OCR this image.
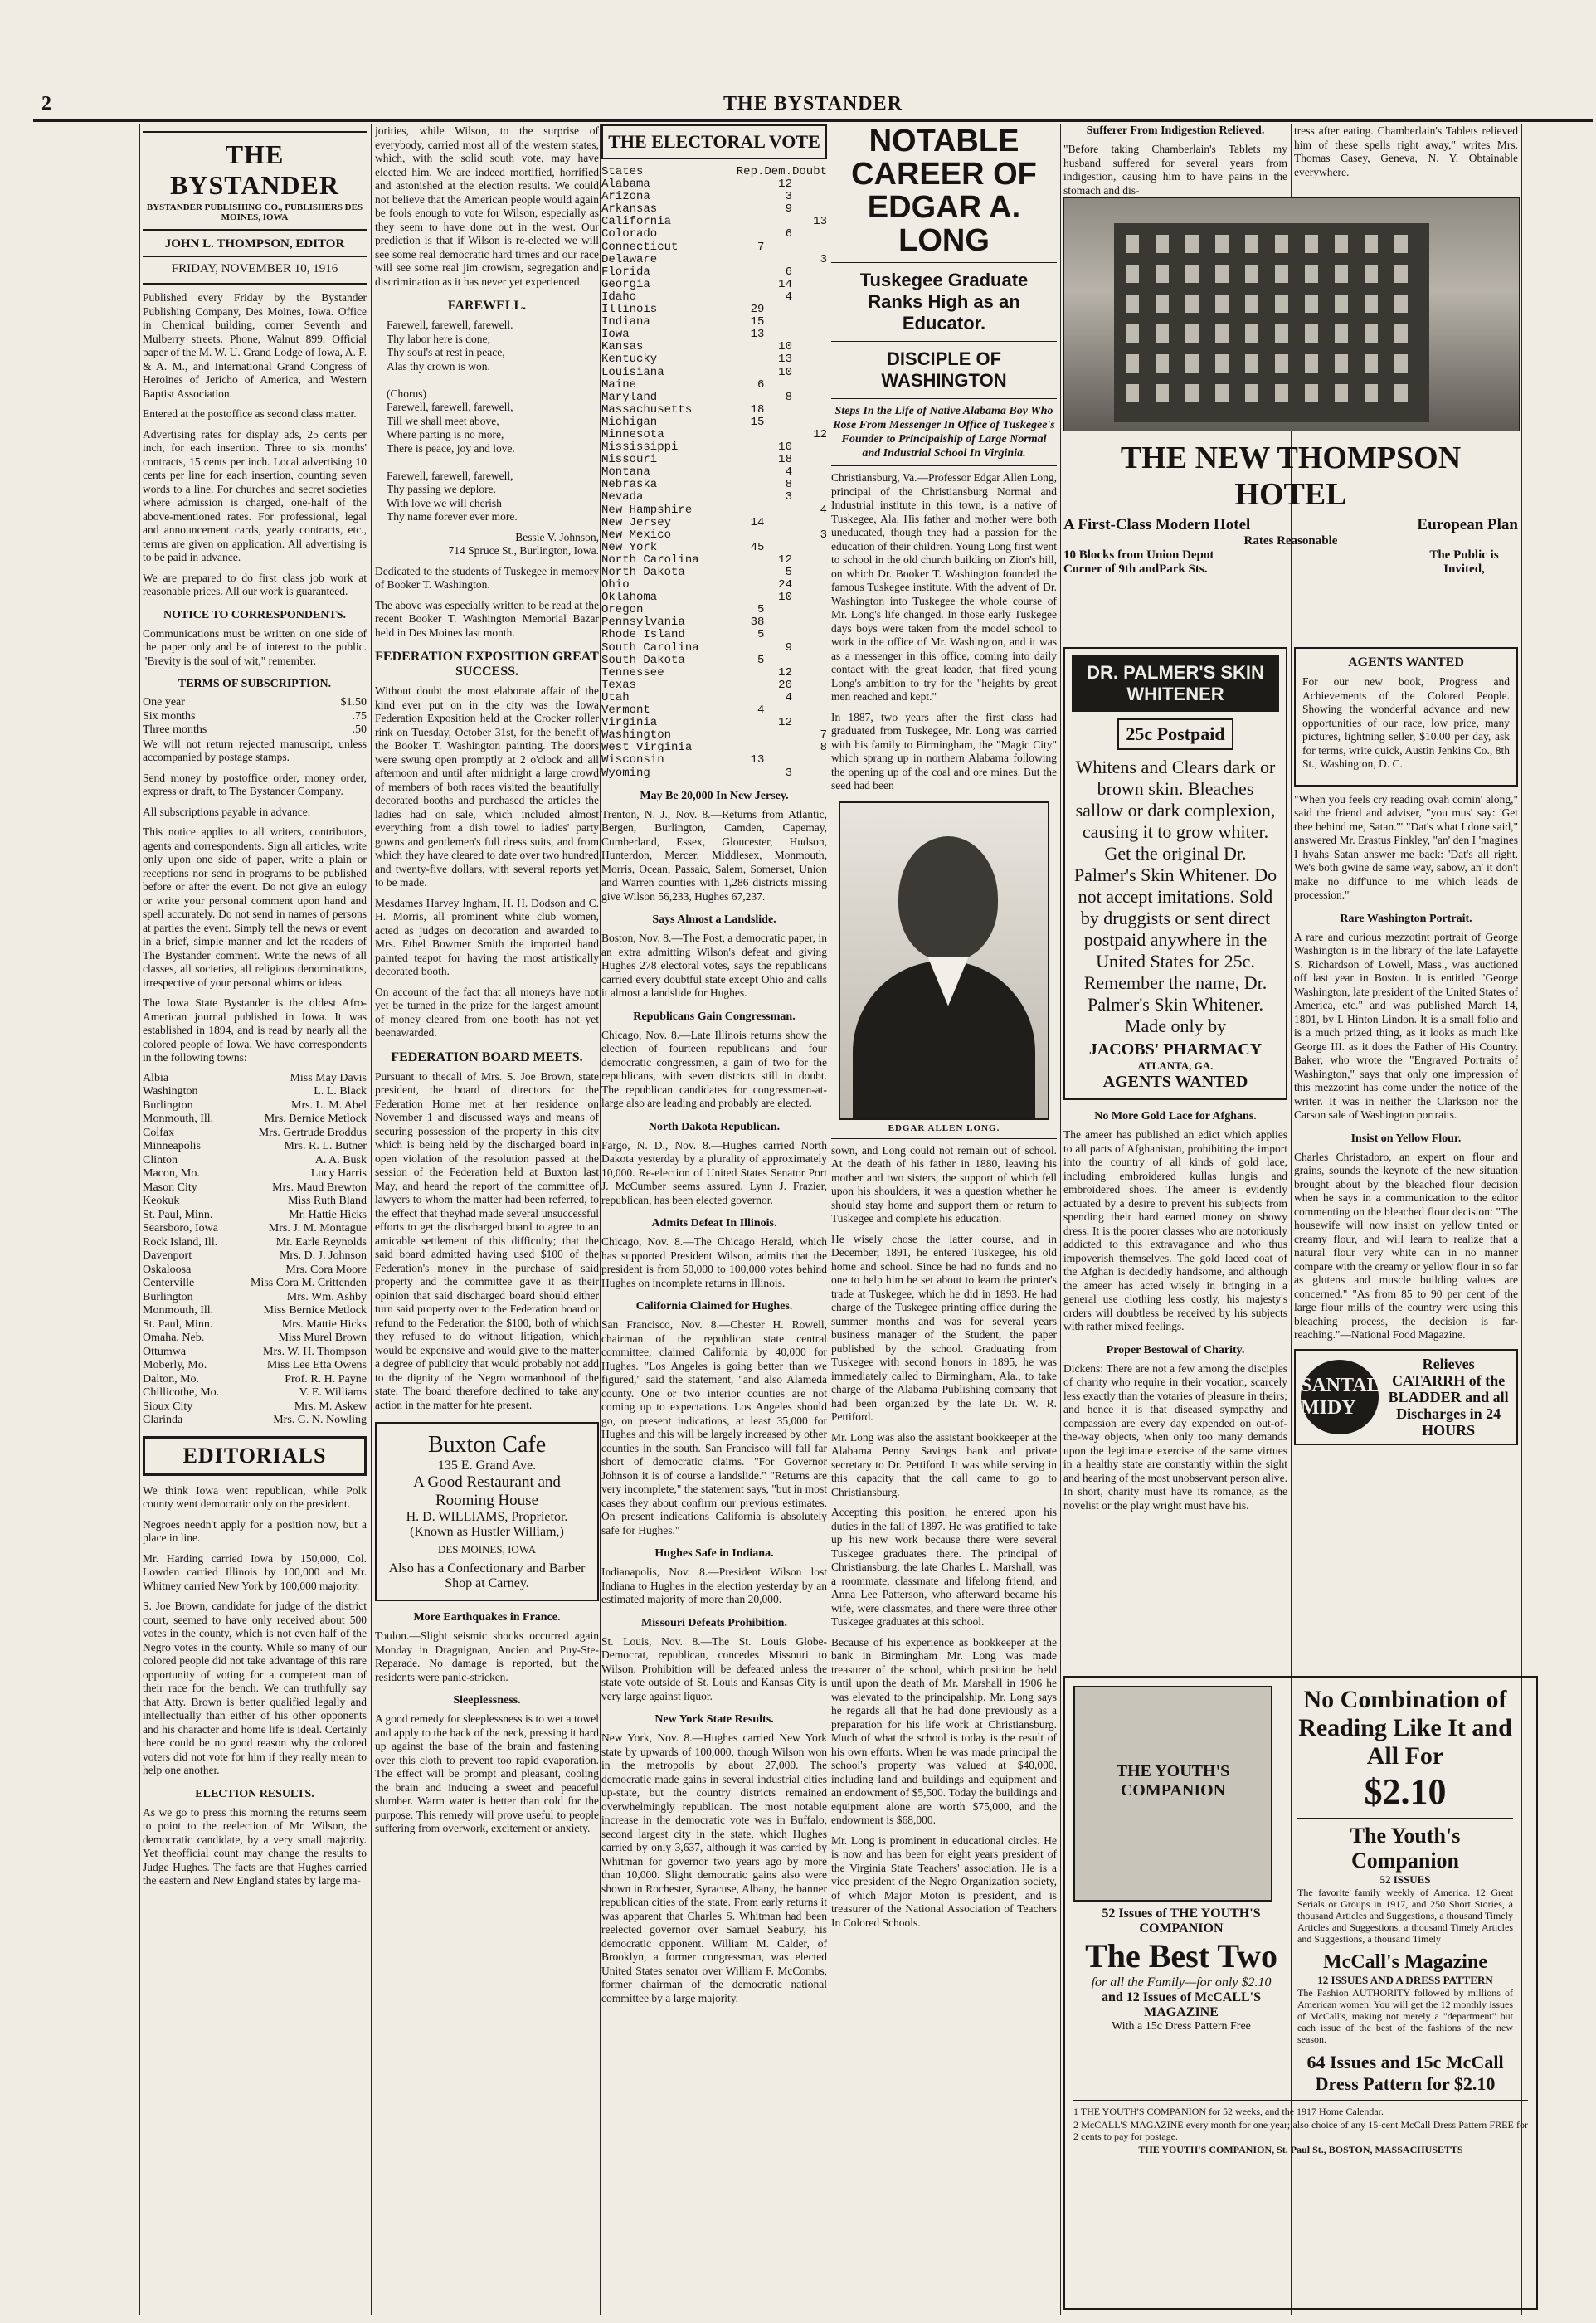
2	THE BYSTANDER
THE BYSTANDER
BYSTANDER PUBLISHING CO., PUBLISHERS DES MOINES, IOWA
JOHN L. THOMPSON, EDITOR
FRIDAY, NOVEMBER 10, 1916

Published every Friday by the Bystander Publishing Company, Des Moines, Iowa. Office in Chemical building, corner Seventh and Mulberry streets. Phone, Walnut 899. Official paper of the M. W. U. Grand Lodge of Iowa, A. F. & A. M., and International Grand Congress of Heroines of Jericho of America, and Western Baptist Association.

Entered at the postoffice as second class matter.

Advertising rates for display ads, 25 cents per inch, for each insertion. Three to six months' contracts, 15 cents per inch. Local advertising 10 cents per line for each insertion, counting seven words to a line. For churches and secret societies where admission is charged, one-half of the above-mentioned rates. For professional, legal and announcement cards, yearly contracts, etc., terms are given on application. All advertising is to be paid in advance.

We are prepared to do first class job work at reasonable prices. All our work is guaranteed.

NOTICE TO CORRESPONDENTS.

Communications must be written on one side of the paper only and be of interest to the public. "Brevity is the soul of wit," remember.

TERMS OF SUBSCRIPTION.
One year	$1.50
Six months	.75
Three months	.50

We will not return rejected manuscript, unless accompanied by postage stamps.

Send money by postoffice order, money order, express or draft, to The Bystander Company.

All subscriptions payable in advance.

This notice applies to all writers, contributors, agents and correspondents. Sign all articles, write only upon one side of paper, write a plain or receptions nor send in programs to be published before or after the event. Do not give an eulogy or write your personal comment upon hand and spell accurately. Do not send in names of persons at parties the event. Simply tell the news or event in a brief, simple manner and let the readers of The Bystander comment. Write the news of all classes, all societies, all religious denominations, irrespective of your personal whims or ideas.

The Iowa State Bystander is the oldest Afro-American journal published in Iowa. It was established in 1894, and is read by nearly all the colored people of Iowa. We have correspondents in the following towns:

Albia	Miss May Davis
Washington	L. L. Black
Burlington	Mrs. L. M. Abel
Monmouth, Ill.	Mrs. Bernice Metlock
Colfax	Mrs. Gertrude Broddus
Minneapolis	Mrs. R. L. Butner
Clinton	A. A. Busk
Macon, Mo.	Lucy Harris
Mason City	Mrs. Maud Brewton
Keokuk	Miss Ruth Bland
St. Paul, Minn.	Mr. Hattie Hicks
Searsboro, Iowa	Mrs. J. M. Montague
Rock Island, Ill.	Mr. Earle Reynolds
Davenport	Mrs. D. J. Johnson
Oskaloosa	Mrs. Cora Moore
Centerville	Miss Cora M. Crittenden
Burlington	Mrs. Wm. Ashby
Monmouth, Ill.	Miss Bernice Metlock
St. Paul, Minn.	Mrs. Mattie Hicks
Omaha, Neb.	Miss Murel Brown
Ottumwa	Mrs. W. H. Thompson
Moberly, Mo.	Miss Lee Etta Owens
Dalton, Mo.	Prof. R. H. Payne
Chillicothe, Mo.	V. E. Williams
Sioux City	Mrs. M. Askew
Clarinda	Mrs. G. N. Nowling
EDITORIALS

We think Iowa went republican, while Polk county went democratic only on the president.

Negroes needn't apply for a position now, but a place in line.

Mr. Harding carried Iowa by 150,000, Col. Lowden carried Illinois by 100,000 and Mr. Whitney carried New York by 100,000 majority.

S. Joe Brown, candidate for judge of the district court, seemed to have only received about 500 votes in the county, which is not even half of the Negro votes in the county. While so many of our colored people did not take advantage of this rare opportunity of voting for a competent man of their race for the bench. We can truthfully say that Atty. Brown is better qualified legally and intellectually than either of his other opponents and his character and home life is ideal. Certainly there could be no good reason why the colored voters did not vote for him if they really mean to help one another.

ELECTION RESULTS.

As we go to press this morning the returns seem to point to the reelection of Mr. Wilson, the democratic candidate, by a very small majority. Yet theofficial count may change the results to Judge Hughes. The facts are that Hughes carried the eastern and New England states by large ma-

jorities, while Wilson, to the surprise of everybody, carried most all of the western states, which, with the solid south vote, may have elected him. We are indeed mortified, horrified and astonished at the election results. We could not believe that the American people would again be fools enough to vote for Wilson, especially as they seem to have done out in the west. Our prediction is that if Wilson is re-elected we will see some real democratic hard times and our race will see some real jim crowism, segregation and discrimination as it has never yet experienced.

FAREWELL.

Farewell, farewell, farewell.
Thy labor here is done;
Thy soul's at rest in peace,
Alas thy crown is won.

(Chorus)
Farewell, farewell, farewell,
Till we shall meet above,
Where parting is no more,
There is peace, joy and love.

Farewell, farewell, farewell,
Thy passing we deplore.
With love we will cherish
Thy name forever ever more.

Bessie V. Johnson,
714 Spruce St., Burlington, Iowa.

Dedicated to the students of Tuskegee in memory of Booker T. Washington.

The above was especially written to be read at the recent Booker T. Washington Memorial Bazar held in Des Moines last month.

FEDERATION EXPOSITION GREAT SUCCESS.

Without doubt the most elaborate affair of the kind ever put on in the city was the Iowa Federation Exposition held at the Crocker roller rink on Tuesday, October 31st, for the benefit of the Booker T. Washington painting. The doors were swung open promptly at 2 o'clock and all afternoon and until after midnight a large crowd of members of both races visited the beautifully decorated booths and purchased the articles the ladies had on sale, which included almost everything from a dish towel to ladies' party gowns and gentlemen's full dress suits, and from which they have cleared to date over two hundred and twenty-five dollars, with several reports yet to be made.

Mesdames Harvey Ingham, H. H. Dodson and C. H. Morris, all prominent white club women, acted as judges on decoration and awarded to Mrs. Ethel Bowmer Smith the imported hand painted teapot for having the most artistically decorated booth.

On account of the fact that all moneys have not yet be turned in the prize for the largest amount of money cleared from one booth has not yet beenawarded.

FEDERATION BOARD MEETS.

Pursuant to thecall of Mrs. S. Joe Brown, state president, the board of directors for the Federation Home met at her residence on November 1 and discussed ways and means of securing possession of the property in this city which is being held by the discharged board in open violation of the resolution passed at the session of the Federation held at Buxton last May, and heard the report of the committee of lawyers to whom the matter had been referred, to the effect that theyhad made several unsuccessful efforts to get the discharged board to agree to an amicable settlement of this difficulty; that the said board admitted having used $100 of the Federation's money in the purchase of said property and the committee gave it as their opinion that said discharged board should either turn said property over to the Federation board or refund to the Federation the $100, both of which they refused to do without litigation, which would be expensive and would give to the matter a degree of publicity that would probably not add to the dignity of the Negro womanhood of the state. The board therefore declined to take any action in the matter for hte present.

Buxton Cafe
135 E. Grand Ave.
A Good Restaurant and Rooming House
H. D. WILLIAMS, Proprietor.
(Known as Hustler William,)
DES MOINES, IOWA
Also has a Confectionary and Barber Shop at Carney.
More Earthquakes in France.

Toulon.—Slight seismic shocks occurred again Monday in Draguignan, Ancien and Puy-Ste-Reparade. No damage is reported, but the residents were panic-stricken.

Sleeplessness.

A good remedy for sleeplessness is to wet a towel and apply to the back of the neck, pressing it hard up against the base of the brain and fastening over this cloth to prevent too rapid evaporation. The effect will be prompt and pleasant, cooling the brain and inducing a sweet and peaceful slumber. Warm water is better than cold for the purpose. This remedy will prove useful to people suffering from overwork, excitement or anxiety.

THE ELECTORAL VOTE
States	Rep.	Dem.	Doubt
Alabama		12	
Arizona		3	
Arkansas		9	
California			13
Colorado		6	
Connecticut	7		
Delaware			3
Florida		6	
Georgia		14	
Idaho		4	
Illinois	29		
Indiana	15		
Iowa	13		
Kansas		10	
Kentucky		13	
Louisiana		10	
Maine	6		
Maryland		8	
Massachusetts	18		
Michigan	15		
Minnesota			12
Mississippi		10	
Missouri		18	
Montana		4	
Nebraska		8	
Nevada		3	
New Hampshire			4
New Jersey	14		
New Mexico			3
New York	45		
North Carolina		12	
North Dakota		5	
Ohio		24	
Oklahoma		10	
Oregon	5		
Pennsylvania	38		
Rhode Island	5		
South Carolina		9	
South Dakota	5		
Tennessee		12	
Texas		20	
Utah		4	
Vermont	4		
Virginia		12	
Washington			7
West Virginia			8
Wisconsin	13		
Wyoming		3	
May Be 20,000 In New Jersey.

Trenton, N. J., Nov. 8.—Returns from Atlantic, Bergen, Burlington, Camden, Capemay, Cumberland, Essex, Gloucester, Hudson, Hunterdon, Mercer, Middlesex, Monmouth, Morris, Ocean, Passaic, Salem, Somerset, Union and Warren counties with 1,286 districts missing give Wilson 56,233, Hughes 67,237.

Says Almost a Landslide.

Boston, Nov. 8.—The Post, a democratic paper, in an extra admitting Wilson's defeat and giving Hughes 278 electoral votes, says the republicans carried every doubtful state except Ohio and calls it almost a landslide for Hughes.

Republicans Gain Congressman.

Chicago, Nov. 8.—Late Illinois returns show the election of fourteen republicans and four democratic congressmen, a gain of two for the republicans, with seven districts still in doubt. The republican candidates for congressmen-at-large also are leading and probably are elected.

North Dakota Republican.

Fargo, N. D., Nov. 8.—Hughes carried North Dakota yesterday by a plurality of approximately 10,000. Re-election of United States Senator Port J. McCumber seems assured. Lynn J. Frazier, republican, has been elected governor.

Admits Defeat In Illinois.

Chicago, Nov. 8.—The Chicago Herald, which has supported President Wilson, admits that the president is from 50,000 to 100,000 votes behind Hughes on incomplete returns in Illinois.

California Claimed for Hughes.

San Francisco, Nov. 8.—Chester H. Rowell, chairman of the republican state central committee, claimed California by 40,000 for Hughes. "Los Angeles is going better than we figured," said the statement, "and also Alameda county. One or two interior counties are not coming up to expectations. Los Angeles should go, on present indications, at least 35,000 for Hughes and this will be largely increased by other counties in the south. San Francisco will fall far short of democratic claims. "For Governor Johnson it is of course a landslide." "Returns are very incomplete," the statement says, "but in most cases they about confirm our previous estimates. On present indications California is absolutely safe for Hughes."

Hughes Safe in Indiana.

Indianapolis, Nov. 8.—President Wilson lost Indiana to Hughes in the election yesterday by an estimated majority of more than 20,000.

Missouri Defeats Prohibition.

St. Louis, Nov. 8.—The St. Louis Globe-Democrat, republican, concedes Missouri to Wilson. Prohibition will be defeated unless the state vote outside of St. Louis and Kansas City is very large against liquor.

New York State Results.

New York, Nov. 8.—Hughes carried New York state by upwards of 100,000, though Wilson won in the metropolis by about 27,000. The democratic made gains in several industrial cities up-state, but the country districts remained overwhelmingly republican. The most notable increase in the democratic vote was in Buffalo, second largest city in the state, which Hughes carried by only 3,637, although it was carried by Whitman for governor two years ago by more than 10,000. Slight democratic gains also were shown in Rochester, Syracuse, Albany, the banner republican cities of the state. From early returns it was apparent that Charles S. Whitman had been reelected governor over Samuel Seabury, his democratic opponent. William M. Calder, of Brooklyn, a former congressman, was elected United States senator over William F. McCombs, former chairman of the democratic national committee by a large majority.

NOTABLE CAREER OF EDGAR A. LONG
Tuskegee Graduate Ranks High as an Educator.
DISCIPLE OF WASHINGTON
Steps In the Life of Native Alabama Boy Who Rose From Messenger In Office of Tuskegee's Founder to Principalship of Large Normal and Industrial School In Virginia.

Christiansburg, Va.—Professor Edgar Allen Long, principal of the Christiansburg Normal and Industrial institute in this town, is a native of Tuskegee, Ala. His father and mother were both uneducated, though they had a passion for the education of their children. Young Long first went to school in the old church building on Zion's hill, on which Dr. Booker T. Washington founded the famous Tuskegee institute. With the advent of Dr. Washington into Tuskegee the whole course of Mr. Long's life changed. In those early Tuskegee days boys were taken from the model school to work in the office of Mr. Washington, and it was as a messenger in this office, coming into daily contact with the great leader, that fired young Long's ambition to try for the "heights by great men reached and kept."

In 1887, two years after the first class had graduated from Tuskegee, Mr. Long was carried with his family to Birmingham, the "Magic City" which sprang up in northern Alabama following the opening up of the coal and ore mines. But the seed had been

EDGAR ALLEN LONG.

sown, and Long could not remain out of school. At the death of his father in 1880, leaving his mother and two sisters, the support of which fell upon his shoulders, it was a question whether he should stay home and support them or return to Tuskegee and complete his education.

He wisely chose the latter course, and in December, 1891, he entered Tuskegee, his old home and school. Since he had no funds and no one to help him he set about to learn the printer's trade at Tuskegee, which he did in 1893. He had charge of the Tuskegee printing office during the summer months and was for several years business manager of the Student, the paper published by the school. Graduating from Tuskegee with second honors in 1895, he was immediately called to Birmingham, Ala., to take charge of the Alabama Publishing company that had been organized by the late Dr. W. R. Pettiford.

Mr. Long was also the assistant bookkeeper at the Alabama Penny Savings bank and private secretary to Dr. Pettiford. It was while serving in this capacity that the call came to go to Christiansburg.

Accepting this position, he entered upon his duties in the fall of 1897. He was gratified to take up his new work because there were several Tuskegee graduates there. The principal of Christiansburg, the late Charles L. Marshall, was a roommate, classmate and lifelong friend, and Anna Lee Patterson, who afterward became his wife, were classmates, and there were three other Tuskegee graduates at this school.

Because of his experience as bookkeeper at the bank in Birmingham Mr. Long was made treasurer of the school, which position he held until upon the death of Mr. Marshall in 1906 he was elevated to the principalship. Mr. Long says he regards all that he had done previously as a preparation for his life work at Christiansburg. Much of what the school is today is the result of his own efforts. When he was made principal the school's property was valued at $40,000, including land and buildings and equipment and an endowment of $5,500. Today the buildings and equipment alone are worth $75,000, and the endowment is $68,000.

Mr. Long is prominent in educational circles. He is now and has been for eight years president of the Virginia State Teachers' association. He is a vice president of the Negro Organization society, of which Major Moton is president, and is treasurer of the National Association of Teachers In Colored Schools.

Sufferer From Indigestion Relieved.

"Before taking Chamberlain's Tablets my husband suffered for several years from indigestion, causing him to have pains in the stomach and dis-

tress after eating. Chamberlain's Tablets relieved him of these spells right away," writes Mrs. Thomas Casey, Geneva, N. Y. Obtainable everywhere.

THE NEW THOMPSON HOTEL
A First-Class Modern Hotel	European Plan
Rates Reasonable
10 Blocks from Union Depot
Corner of 9th andPark Sts.
The Public is Invited,
DR. PALMER'S SKIN WHITENER
25c Postpaid
Whitens and Clears dark or brown skin. Bleaches sallow or dark complexion, causing it to grow whiter. Get the original Dr. Palmer's Skin Whitener. Do not accept imitations. Sold by druggists or sent direct postpaid anywhere in the United States for 25c. Remember the name, Dr. Palmer's Skin Whitener. Made only by
JACOBS' PHARMACY
ATLANTA, GA.
AGENTS WANTED
No More Gold Lace for Afghans.

The ameer has published an edict which applies to all parts of Afghanistan, prohibiting the import into the country of all kinds of gold lace, including embroidered kullas lungis and embroidered shoes. The ameer is evidently actuated by a desire to prevent his subjects from spending their hard earned money on showy dress. It is the poorer classes who are notoriously addicted to this extravagance and who thus impoverish themselves. The gold laced coat of the Afghan is decidedly handsome, and although the ameer has acted wisely in bringing in a general use clothing less costly, his majesty's orders will doubtless be received by his subjects with rather mixed feelings.

Proper Bestowal of Charity.

Dickens: There are not a few among the disciples of charity who require in their vocation, scarcely less exactly than the votaries of pleasure in theirs; and hence it is that diseased sympathy and compassion are every day expended on out-of-the-way objects, when only too many demands upon the legitimate exercise of the same virtues in a healthy state are constantly within the sight and hearing of the most unobservant person alive. In short, charity must have its romance, as the novelist or the play wright must have his.

AGENTS WANTED

For our new book, Progress and Achievements of the Colored People. Showing the wonderful advance and new opportunities of our race, low price, many pictures, lightning seller, $10.00 per day, ask for terms, write quick, Austin Jenkins Co., 8th St., Washington, D. C.

"When you feels cry reading ovah comin' along," said the friend and adviser, "you mus' say: 'Get thee behind me, Satan.'" "Dat's what I done said," answered Mr. Erastus Pinkley, "an' den I 'magines I hyahs Satan answer me back: 'Dat's all right. We's both gwine de same way, sabow, an' it don't make no diff'unce to me which leads de procession.'"

Rare Washington Portrait.

A rare and curious mezzotint portrait of George Washington is in the library of the late Lafayette S. Richardson of Lowell, Mass., was auctioned off last year in Boston. It is entitled "George Washington, late president of the United States of America, etc." and was published March 14, 1801, by I. Hinton Lindon. It is a small folio and is a much prized thing, as it looks as much like George III. as it does the Father of His Country. Baker, who wrote the "Engraved Portraits of Washington," says that only one impression of this mezzotint has come under the notice of the writer. It was in neither the Clarkson nor the Carson sale of Washington portraits.

Insist on Yellow Flour.

Charles Christadoro, an expert on flour and grains, sounds the keynote of the new situation brought about by the bleached flour decision when he says in a communication to the editor commenting on the bleached flour decision: "The housewife will now insist on yellow tinted or creamy flour, and will learn to realize that a natural flour very white can in no manner compare with the creamy or yellow flour in so far as glutens and muscle building values are concerned." "As from 85 to 90 per cent of the large flour mills of the country were using this bleaching process, the decision is far-reaching."—National Food Magazine.

SANTAL MIDY
Relieves CATARRH of the BLADDER and all Discharges in 24 HOURS
THE YOUTH'S COMPANION
52 Issues of THE YOUTH'S COMPANION
The Best Two
for all the Family—for only $2.10
and 12 Issues of McCALL'S MAGAZINE
With a 15c Dress Pattern Free
No Combination of Reading Like It and All For
$2.10
The Youth's Companion
52 ISSUES

The favorite family weekly of America. 12 Great Serials or Groups in 1917, and 250 Short Stories, a thousand Articles and Suggestions, a thousand Timely Articles and Suggestions, a thousand Timely Articles and Suggestions, a thousand Timely

McCall's Magazine
12 ISSUES AND A DRESS PATTERN

The Fashion AUTHORITY followed by millions of American women. You will get the 12 monthly issues of McCall's, making not merely a "department" but each issue of the best of the fashions of the new season.

64 Issues and 15c McCall Dress Pattern for $2.10

1 THE YOUTH'S COMPANION for 52 weeks, and the 1917 Home Calendar.

2 McCALL'S MAGAZINE every month for one year; also choice of any 15-cent McCall Dress Pattern FREE for 2 cents to pay for postage.

THE YOUTH'S COMPANION, St. Paul St., BOSTON, MASSACHUSETTS
